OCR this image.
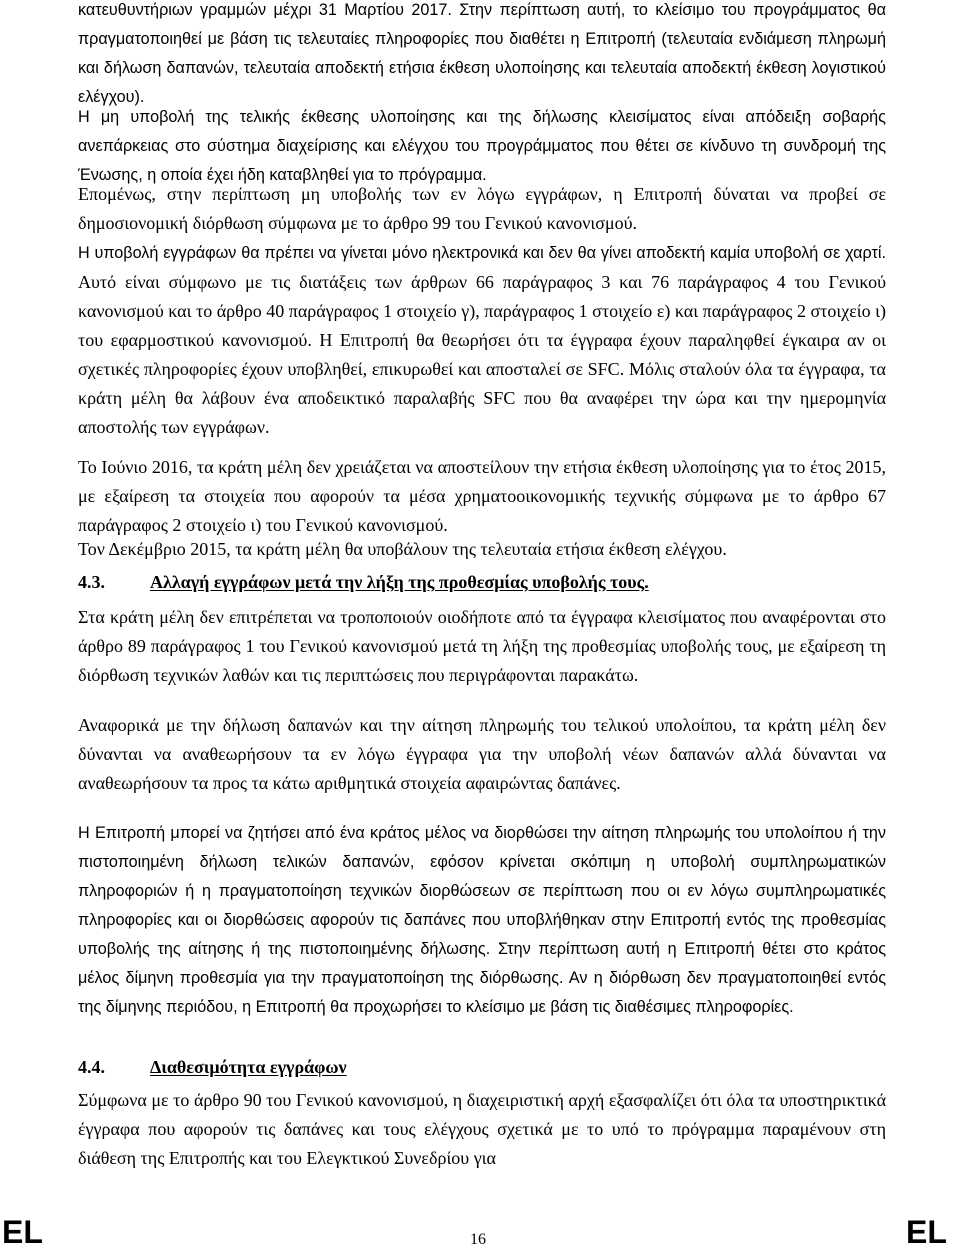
κατευθυντήριων γραμμών μέχρι 31 Μαρτίου 2017. Στην περίπτωση αυτή, το κλείσιμο του προγράμματος θα πραγματοποιηθεί με βάση τις τελευταίες πληροφορίες που διαθέτει η Επιτροπή (τελευταία ενδιάμεση πληρωμή και δήλωση δαπανών, τελευταία αποδεκτή ετήσια έκθεση υλοποίησης και τελευταία αποδεκτή έκθεση λογιστικού ελέγχου).

Η μη υποβολή της τελικής έκθεσης υλοποίησης και της δήλωσης κλεισίματος είναι απόδειξη σοβαρής ανεπάρκειας στο σύστημα διαχείρισης και ελέγχου του προγράμματος που θέτει σε κίνδυνο τη συνδρομή της Ένωσης, η οποία έχει ήδη καταβληθεί για το πρόγραμμα.

Επομένως, στην περίπτωση μη υποβολής των εν λόγω εγγράφων, η Επιτροπή δύναται να προβεί σε δημοσιονομική διόρθωση σύμφωνα με το άρθρο 99 του Γενικού κανονισμού.

Η υποβολή εγγράφων θα πρέπει να γίνεται μόνο ηλεκτρονικά και δεν θα γίνει αποδεκτή καμία υποβολή σε χαρτί. Αυτό είναι σύμφωνο με τις διατάξεις των άρθρων 66 παράγραφος 3 και 76 παράγραφος 4 του Γενικού κανονισμού και το άρθρο 40 παράγραφος 1 στοιχείο γ), παράγραφος 1 στοιχείο ε) και παράγραφος 2 στοιχείο ι) του εφαρμοστικού κανονισμού. Η Επιτροπή θα θεωρήσει ότι τα έγγραφα έχουν παραληφθεί έγκαιρα αν οι σχετικές πληροφορίες έχουν υποβληθεί, επικυρωθεί και αποσταλεί σε SFC. Μόλις σταλούν όλα τα έγγραφα, τα κράτη μέλη θα λάβουν ένα αποδεικτικό παραλαβής SFC που θα αναφέρει την ώρα και την ημερομηνία αποστολής των εγγράφων.

Το Ιούνιο 2016, τα κράτη μέλη δεν χρειάζεται να αποστείλουν την ετήσια έκθεση υλοποίησης για το έτος 2015, με εξαίρεση τα στοιχεία που αφορούν τα μέσα χρηματοοικονομικής τεχνικής σύμφωνα με το άρθρο 67 παράγραφος 2 στοιχείο ι) του Γενικού κανονισμού.

Τον Δεκέμβριο 2015, τα κράτη μέλη θα υποβάλουν της τελευταία ετήσια έκθεση ελέγχου.

4.3.	Αλλαγή εγγράφων μετά την λήξη της προθεσμίας υποβολής τους.

Στα κράτη μέλη δεν επιτρέπεται να τροποποιούν οιοδήποτε από τα έγγραφα κλεισίματος που αναφέρονται στο άρθρο 89 παράγραφος 1 του Γενικού κανονισμού μετά τη λήξη της προθεσμίας υποβολής τους, με εξαίρεση τη διόρθωση τεχνικών λαθών και τις περιπτώσεις που περιγράφονται παρακάτω.

Αναφορικά με την δήλωση δαπανών και την αίτηση πληρωμής του τελικού υπολοίπου, τα κράτη μέλη δεν δύνανται να αναθεωρήσουν τα εν λόγω έγγραφα για την υποβολή νέων δαπανών αλλά δύνανται να αναθεωρήσουν τα προς τα κάτω αριθμητικά στοιχεία αφαιρώντας δαπάνες.

Η Επιτροπή μπορεί να ζητήσει από ένα κράτος μέλος να διορθώσει την αίτηση πληρωμής του υπολοίπου ή την πιστοποιημένη δήλωση τελικών δαπανών, εφόσον κρίνεται σκόπιμη η υποβολή συμπληρωματικών πληροφοριών ή η πραγματοποίηση τεχνικών διορθώσεων σε περίπτωση που οι εν λόγω συμπληρωματικές πληροφορίες και οι διορθώσεις αφορούν τις δαπάνες που υποβλήθηκαν στην Επιτροπή εντός της προθεσμίας υποβολής της αίτησης ή της πιστοποιημένης δήλωσης. Στην περίπτωση αυτή η Επιτροπή θέτει στο κράτος μέλος δίμηνη προθεσμία για την πραγματοποίηση της διόρθωσης. Αν η διόρθωση δεν πραγματοποιηθεί εντός της δίμηνης περιόδου, η Επιτροπή θα προχωρήσει το κλείσιμο με βάση τις διαθέσιμες πληροφορίες.

4.4.	Διαθεσιμότητα εγγράφων

Σύμφωνα με το άρθρο 90 του Γενικού κανονισμού, η διαχειριστική αρχή εξασφαλίζει ότι όλα τα υποστηρικτικά έγγραφα που αφορούν τις δαπάνες και τους ελέγχους σχετικά με το υπό το πρόγραμμα παραμένουν στη διάθεση της Επιτροπής και του Ελεγκτικού Συνεδρίου για

EL	16	EL
